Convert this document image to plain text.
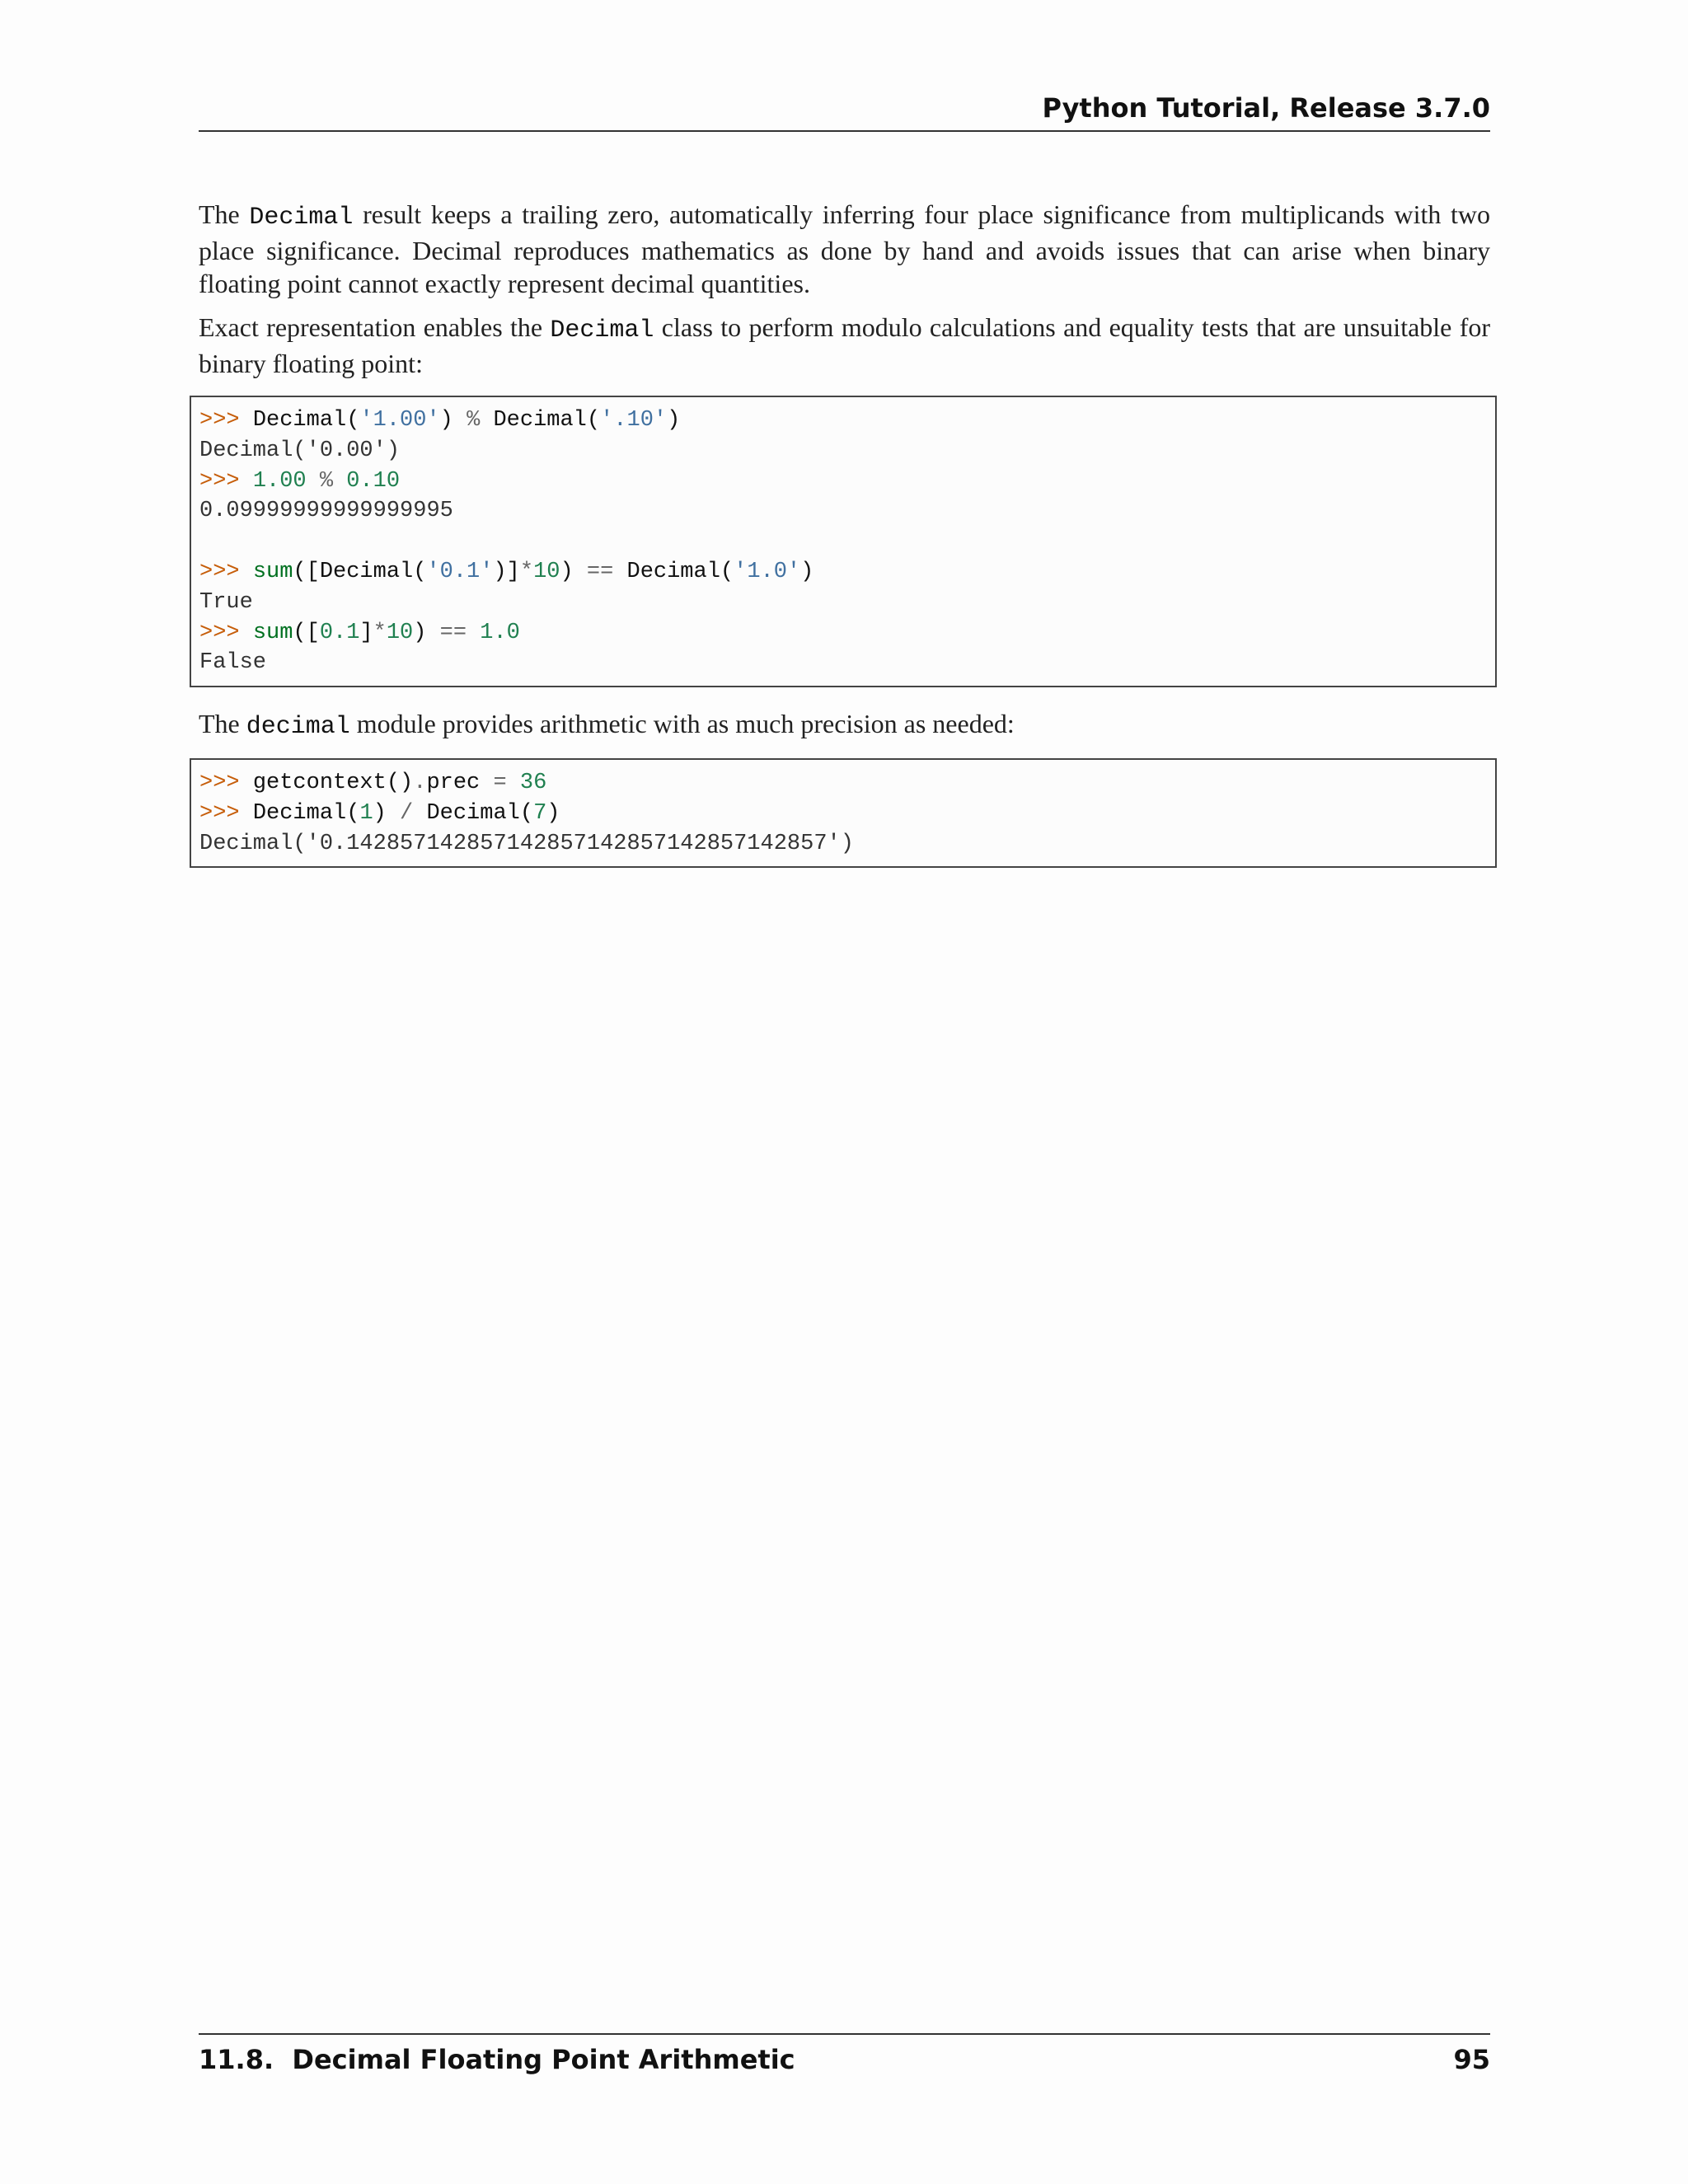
Python Tutorial, Release 3.7.0

The Decimal result keeps a trailing zero, automatically inferring four place significance from multiplicands with two place significance. Decimal reproduces mathematics as done by hand and avoids issues that can arise when binary floating point cannot exactly represent decimal quantities.

Exact representation enables the Decimal class to perform modulo calculations and equality tests that are unsuitable for binary floating point:

>>> Decimal('1.00') % Decimal('.10')
Decimal('0.00')
>>> 1.00 % 0.10
0.09999999999999995
>>> sum([Decimal('0.1')]*10) == Decimal('1.0')
True
>>> sum([0.1]*10) == 1.0
False

The decimal module provides arithmetic with as much precision as needed:

>>> getcontext().prec = 36
>>> Decimal(1) / Decimal(7)
Decimal('0.142857142857142857142857142857142857')
11.8.  Decimal Floating Point Arithmetic	95
